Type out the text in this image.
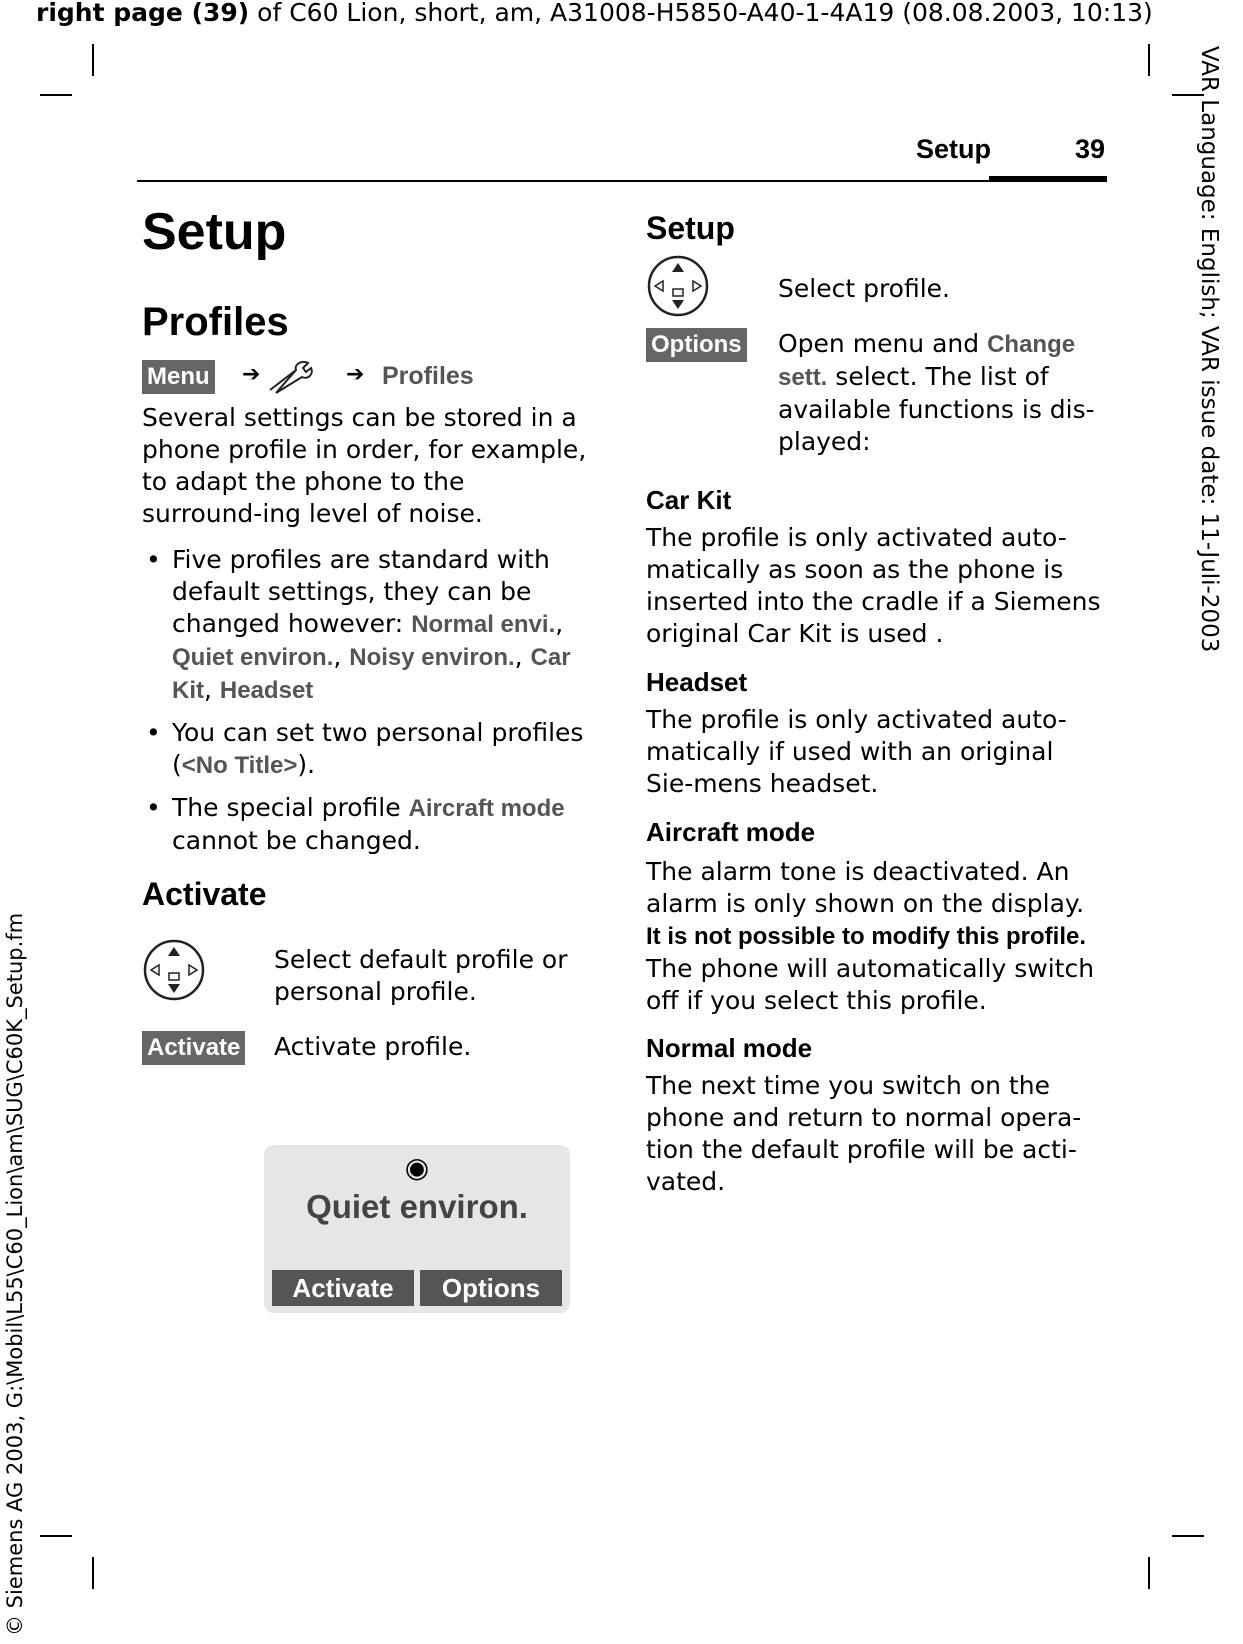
right page (39) of C60 Lion, short, am, A31008-H5850-A40-1-4A19 (08.08.2003, 10:13)
VAR Language: English; VAR issue date: 11-Juli-2003
© Siemens AG 2003, G:\Mobil\L55\C60_Lion\am\SUG\C60K_Setup.fm
Setup	39
Setup
Profiles
Menu ➔	➔ Profiles

Several settings can be stored in a phone profile in order, for example, to adapt the phone to the surround-ing level of noise.

• Five profiles are standard with default settings, they can be changed however: Normal envi., Quiet environ., Noisy environ., Car Kit, Headset
• You can set two personal profiles (<No Title>).
• The special profile Aircraft mode
cannot be changed.
Activate
Select default profile or personal profile.
Activate Activate profile.
◉
Quiet environ.
Activate	Options
Setup
Select profile.
Options Open menu and Change sett. select. The list of available functions is dis-played:
Car Kit

The profile is only activated auto-matically as soon as the phone is inserted into the cradle if a Siemens original Car Kit is used .

Headset

The profile is only activated auto-matically if used with an original Sie-mens headset.

Aircraft mode

The alarm tone is deactivated. An alarm is only shown on the display. It is not possible to modify this profile. The phone will automatically switch off if you select this profile.

Normal mode

The next time you switch on the phone and return to normal opera-tion the default profile will be acti-vated.
